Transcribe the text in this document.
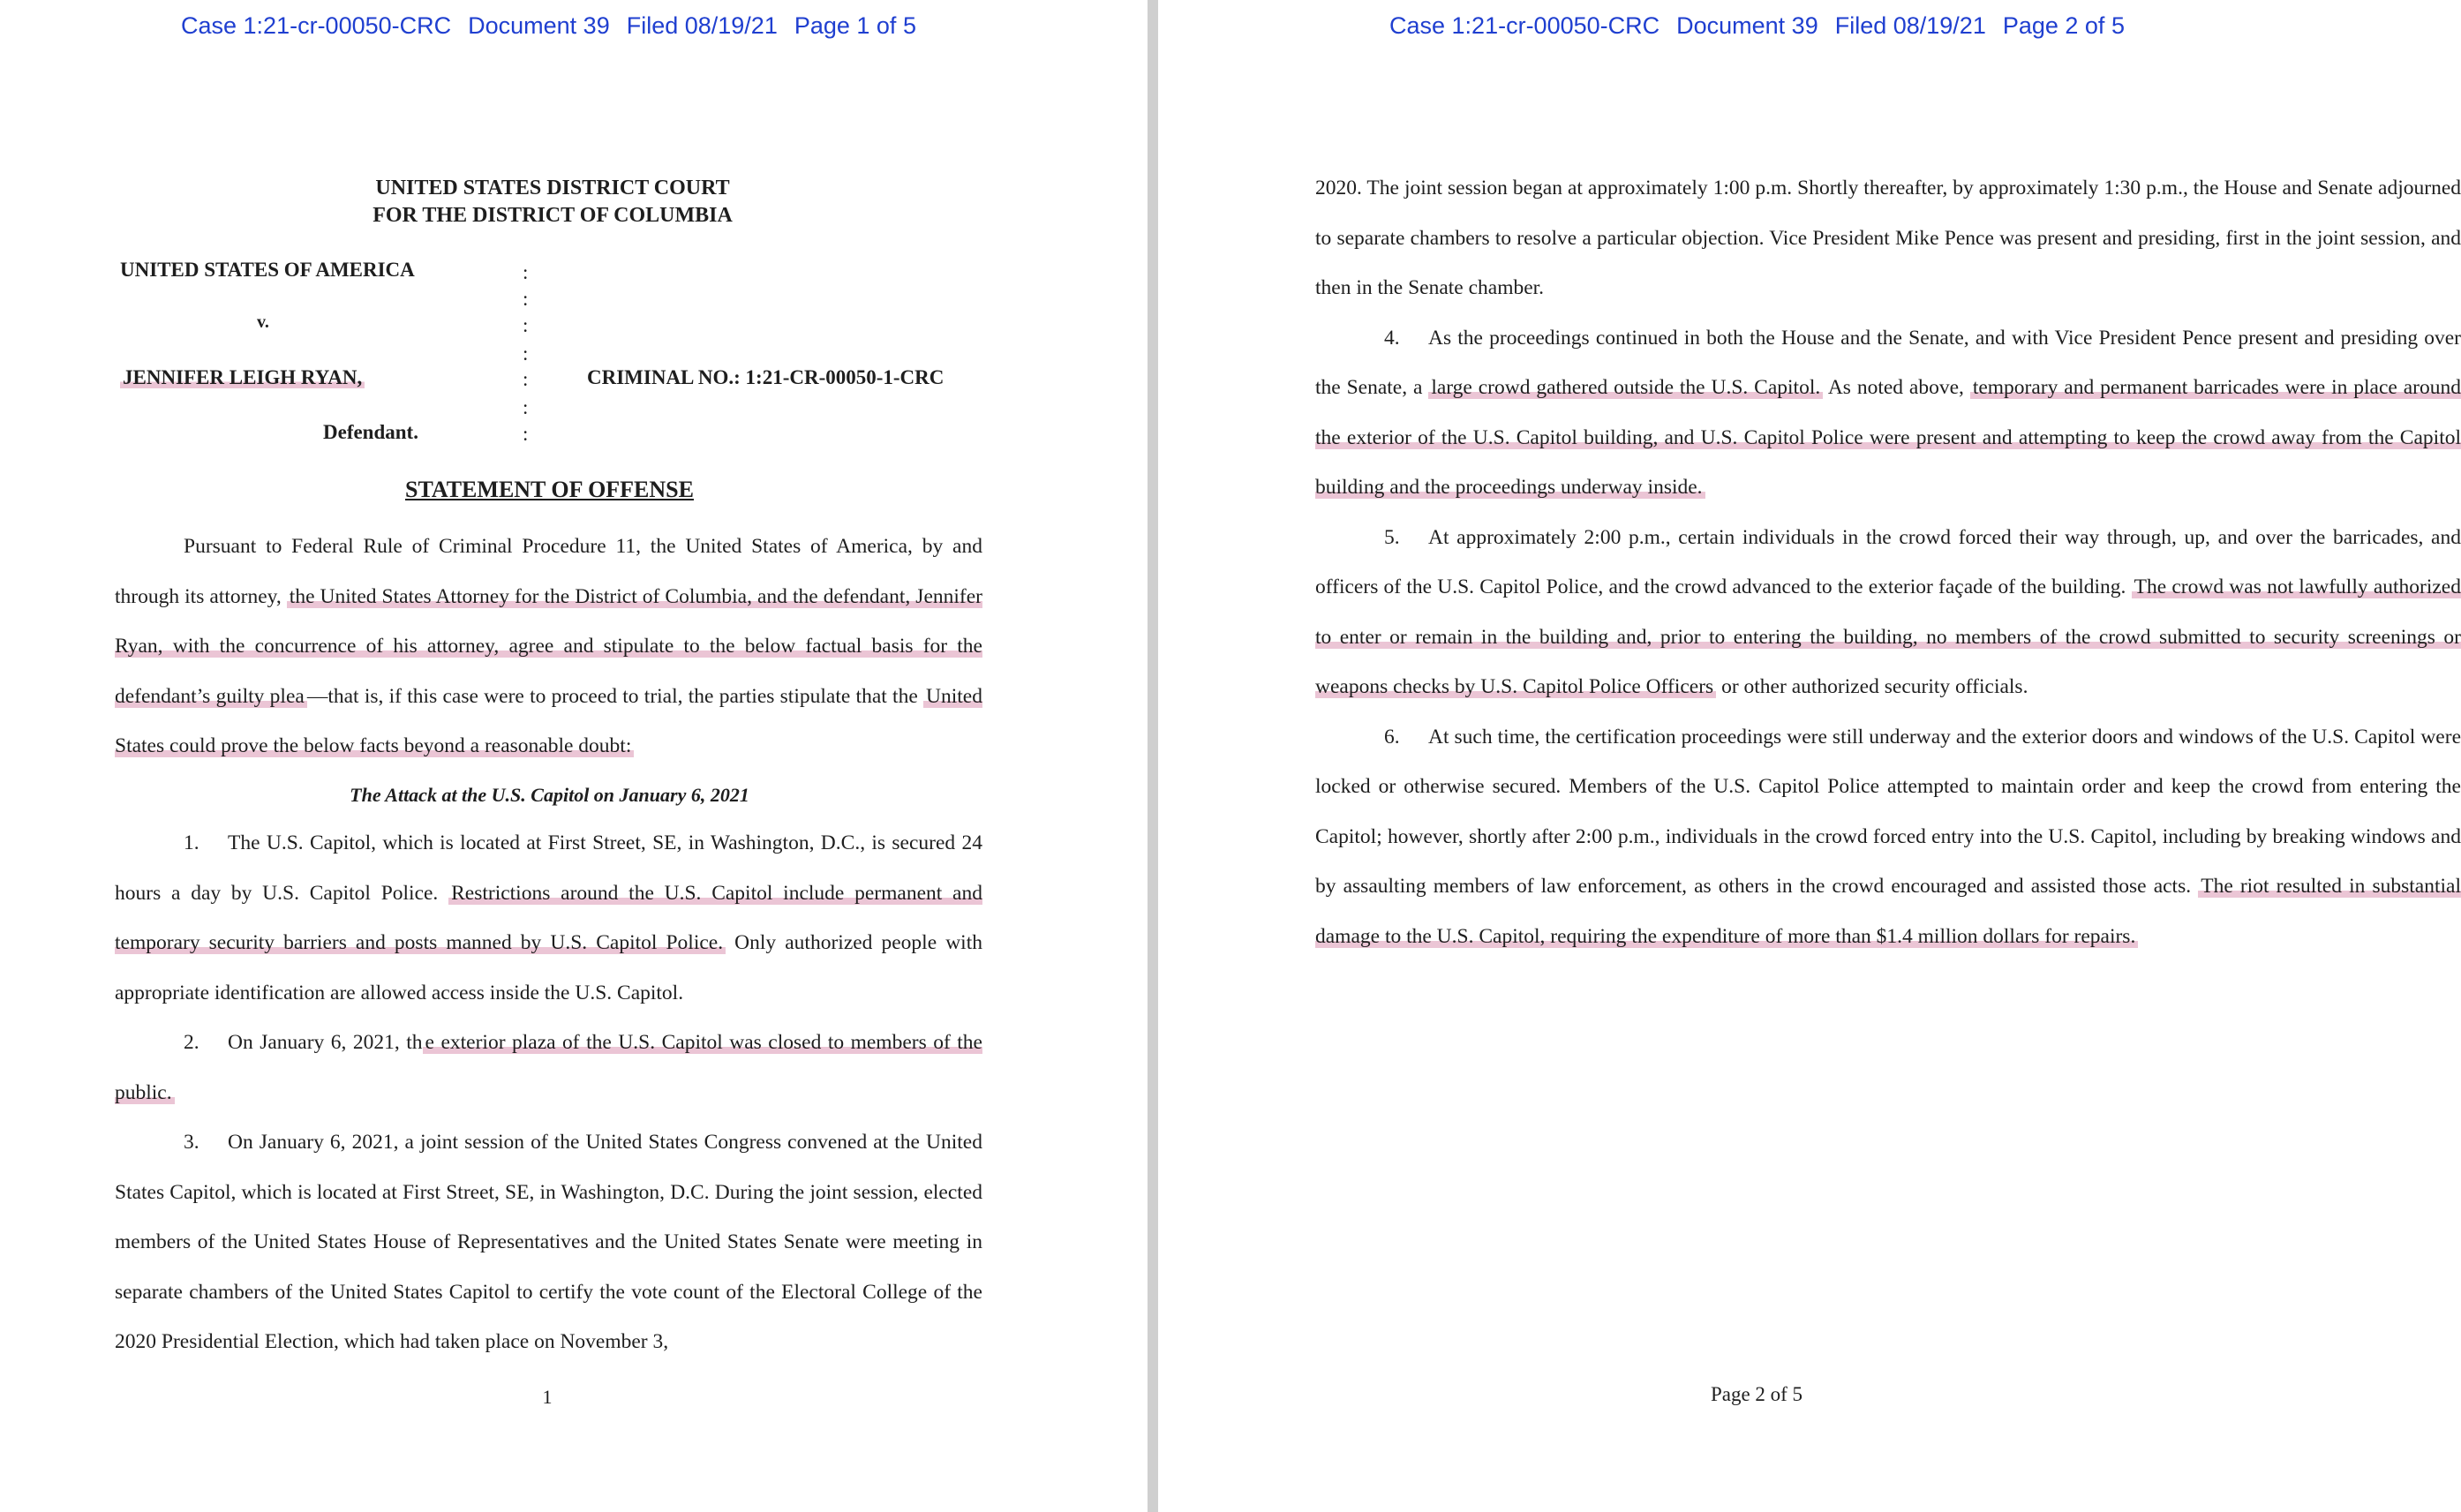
Case 1:21-cr-00050-CRC Document 39 Filed 08/19/21 Page 1 of 5
UNITED STATES DISTRICT COURT
FOR THE DISTRICT OF COLUMBIA
UNITED STATES OF AMERICA
v.
JENNIFER LEIGH RYAN,
Defendant.
CRIMINAL NO.: 1:21-CR-00050-1-CRC
:
:
:
:
:
:
:
STATEMENT OF OFFENSE

Pursuant to Federal Rule of Criminal Procedure 11, the United States of America, by and through its attorney, the United States Attorney for the District of Columbia, and the defendant, Jennifer Ryan, with the concurrence of his attorney, agree and stipulate to the below factual basis for the defendant’s guilty plea —that is, if this case were to proceed to trial, the parties stipulate that the United States could prove the below facts beyond a reasonable doubt:

The Attack at the U.S. Capitol on January 6, 2021

1. The U.S. Capitol, which is located at First Street, SE, in Washington, D.C., is secured 24 hours a day by U.S. Capitol Police. Restrictions around the U.S. Capitol include permanent and temporary security barriers and posts manned by U.S. Capitol Police. Only authorized people with appropriate identification are allowed access inside the U.S. Capitol.

2. On January 6, 2021, th e exterior plaza of the U.S. Capitol was closed to members of the public.

3. On January 6, 2021, a joint session of the United States Congress convened at the United States Capitol, which is located at First Street, SE, in Washington, D.C. During the joint session, elected members of the United States House of Representatives and the United States Senate were meeting in separate chambers of the United States Capitol to certify the vote count of the Electoral College of the 2020 Presidential Election, which had taken place on November 3,

1
Case 1:21-cr-00050-CRC Document 39 Filed 08/19/21 Page 2 of 5

2020. The joint session began at approximately 1:00 p.m. Shortly thereafter, by approximately 1:30 p.m., the House and Senate adjourned to separate chambers to resolve a particular objection. Vice President Mike Pence was present and presiding, first in the joint session, and then in the Senate chamber.

4. As the proceedings continued in both the House and the Senate, and with Vice President Pence present and presiding over the Senate, a large crowd gathered outside the U.S. Capitol. As noted above, temporary and permanent barricades were in place around the exterior of the U.S. Capitol building, and U.S. Capitol Police were present and attempting to keep the crowd away from the Capitol building and the proceedings underway inside.

5. At approximately 2:00 p.m., certain individuals in the crowd forced their way through, up, and over the barricades, and officers of the U.S. Capitol Police, and the crowd advanced to the exterior façade of the building. The crowd was not lawfully authorized to enter or remain in the building and, prior to entering the building, no members of the crowd submitted to security screenings or weapons checks by U.S. Capitol Police Officers or other authorized security officials.

6. At such time, the certification proceedings were still underway and the exterior doors and windows of the U.S. Capitol were locked or otherwise secured. Members of the U.S. Capitol Police attempted to maintain order and keep the crowd from entering the Capitol; however, shortly after 2:00 p.m., individuals in the crowd forced entry into the U.S. Capitol, including by breaking windows and by assaulting members of law enforcement, as others in the crowd encouraged and assisted those acts. The riot resulted in substantial damage to the U.S. Capitol, requiring the expenditure of more than $1.4 million dollars for repairs.

Page 2 of 5
